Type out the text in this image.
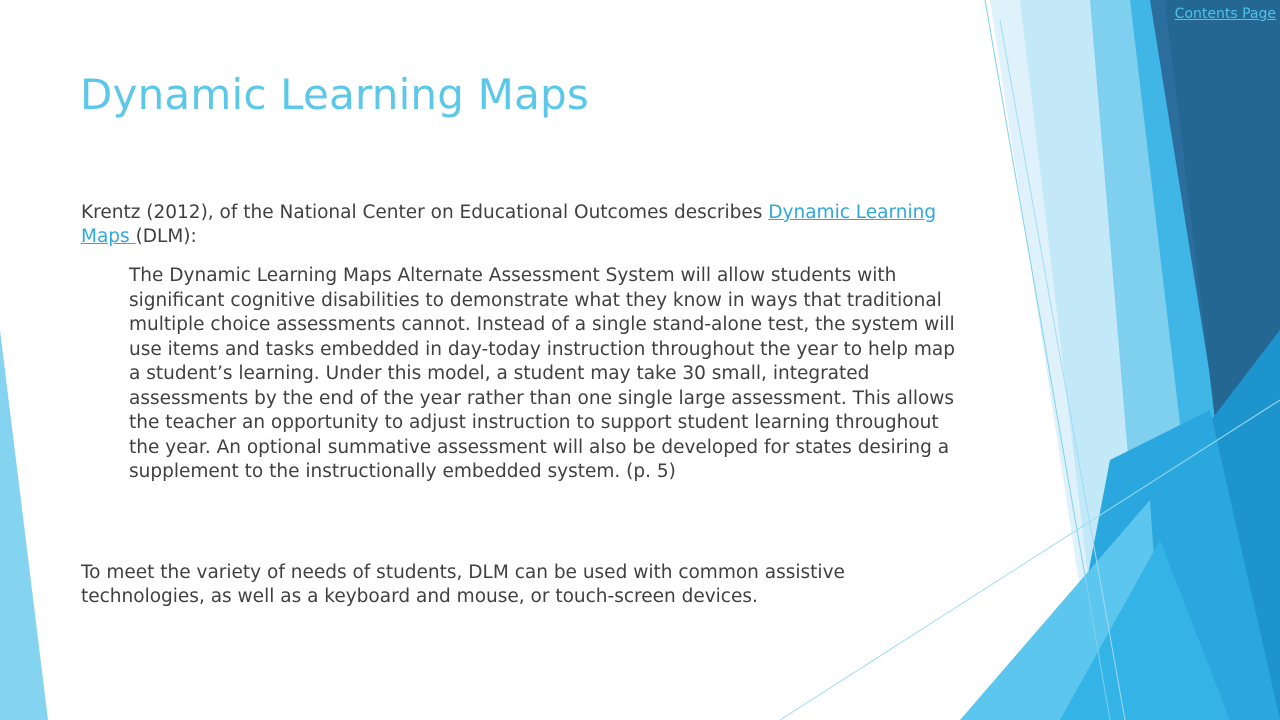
Contents Page
Dynamic Learning Maps

Krentz (2012), of the National Center on Educational Outcomes describes Dynamic Learning Maps (DLM):

The Dynamic Learning Maps Alternate Assessment System will allow students with significant cognitive disabilities to demonstrate what they know in ways that traditional multiple choice assessments cannot. Instead of a single stand-alone test, the system will use items and tasks embedded in day-today instruction throughout the year to help map a student’s learning. Under this model, a student may take 30 small, integrated assessments by the end of the year rather than one single large assessment. This allows the teacher an opportunity to adjust instruction to support student learning throughout the year. An optional summative assessment will also be developed for states desiring a supplement to the instructionally embedded system. (p. 5)

To meet the variety of needs of students, DLM can be used with common assistive technologies, as well as a keyboard and mouse, or touch-screen devices.
